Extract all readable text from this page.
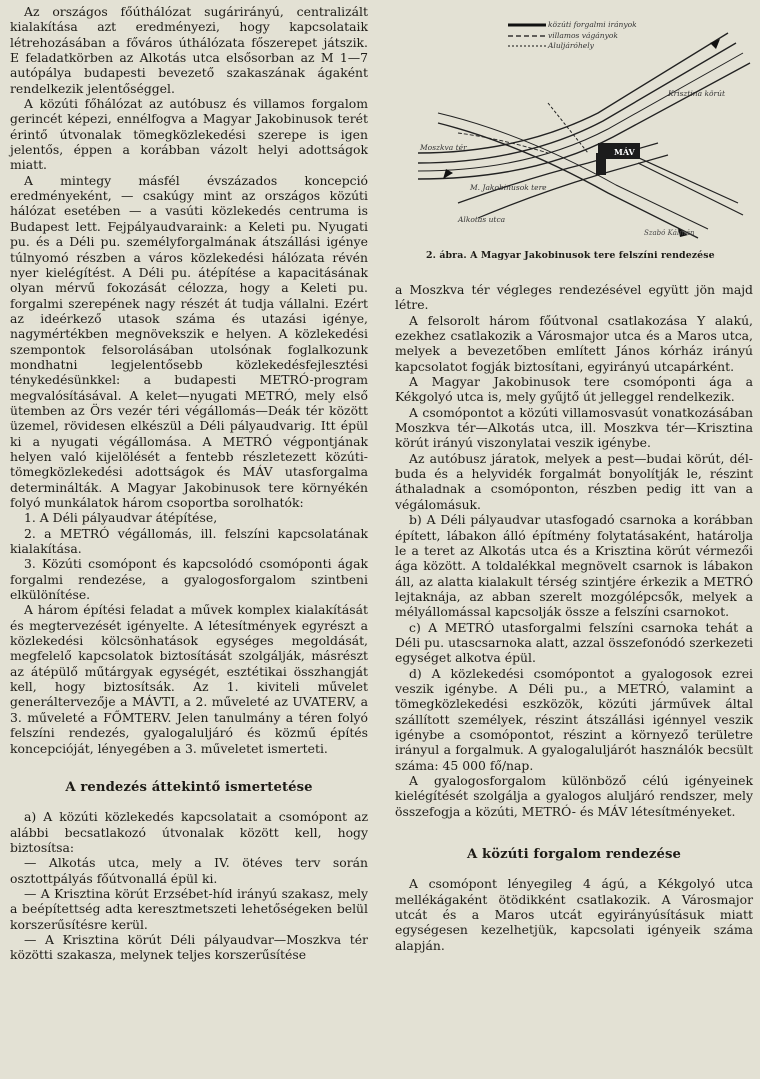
Az országos főúthálózat sugárirányú, centralizált kialakítása azt eredményezi, hogy kapcsolataik létrehozásában a főváros úthálózata főszerepet játszik. E feladatkörben az Alkotás utca elsősorban az M 1—7 autópálya budapesti bevezető szakaszának ágaként rendelkezik jelentőséggel.

A közúti főhálózat az autóbusz és villamos forgalom gerincét képezi, ennélfogva a Magyar Jakobinusok terét érintő útvonalak tömegközlekedési szerepe is igen jelentős, éppen a korábban vázolt helyi adottságok miatt.

A mintegy másfél évszázados koncepció eredményeként, — csakúgy mint az országos közúti hálózat esetében — a vasúti közlekedés centruma is Budapest lett. Fejpályaudvaraink: a Keleti pu. Nyugati pu. és a Déli pu. személyforgalmának átszállási igénye túlnyomó részben a város közlekedési hálózata révén nyer kielégítést. A Déli pu. átépítése a kapacitásának olyan mérvű fokozását célozza, hogy a Keleti pu. forgalmi szerepének nagy részét át tudja vállalni. Ezért az ideérkező utasok száma és utazási igénye, nagymértékben megnövekszik e helyen. A közlekedési szempontok felsorolásában utolsónak foglalkozunk mondhatni legjelentősebb közlekedésfejlesztési ténykedésünkkel: a budapesti METRÓ-program megvalósításával. A kelet—nyugati METRÓ, mely első ütemben az Örs vezér téri végállomás—Deák tér között üzemel, rövidesen elkészül a Déli pályaudvarig. Itt épül ki a nyugati végállomása. A METRÓ végpontjának helyen való kijelölését a fentebb részletezett közúti-tömegközlekedési adottságok és MÁV utasforgalma determinálták. A Magyar Jakobinusok tere környékén folyó munkálatok három csoportba sorolhatók:

1. A Déli pályaudvar átépítése,

2. a METRÓ végállomás, ill. felszíni kapcsolatának kialakítása.

3. Közúti csomópont és kapcsolódó csomóponti ágak forgalmi rendezése, a gyalogosforgalom szintbeni elkülönítése.

A három építési feladat a művek komplex kialakítását és megtervezését igényelte. A létesítmények egyrészt a közlekedési kölcsönhatások egységes megoldását, megfelelő kapcsolatok biztosítását szolgálják, másrészt az átépülő műtárgyak egységét, esztétikai összhangját kell, hogy biztosítsák. Az 1. kiviteli művelet generáltervezője a MÁVTI, a 2. műveleté az UVATERV, a 3. műveleté a FŐMTERV. Jelen tanulmány a téren folyó felszíni rendezés, gyalogaluljáró és közmű építés koncepcióját, lényegében a 3. műveletet ismerteti.

A rendezés áttekintő ismertetése

a) A közúti közlekedés kapcsolatait a csomópont az alábbi becsatlakozó útvonalak között kell, hogy biztosítsa:

— Alkotás utca, mely a IV. ötéves terv során osztottpályás főútvonallá épül ki.

— A Krisztina körút Erzsébet-híd irányú szakasz, mely a beépítettség adta keresztmetszeti lehetőségeken belül korszerűsítésre kerül.

— A Krisztina körút Déli pályaudvar—Moszkva tér közötti szakasza, melynek teljes korszerűsítése

közúti forgalmi irányok
villamos vágányok
Aluljáróhely
Moszkva tér
M. Jakobinusok tere
Alkotás utca
Krisztina körút
MÁV
Szabó Kálmán
2. ábra. A Magyar Jakobinusok tere felszíni rendezése

a Moszkva tér végleges rendezésével együtt jön majd létre.

A felsorolt három főútvonal csatlakozása Y alakú, ezekhez csatlakozik a Városmajor utca és a Maros utca, melyek a bevezetőben említett János kórház irányú kapcsolatot fogják biztosítani, egyirányú utcapárként.

A Magyar Jakobinusok tere csomóponti ága a Kékgolyó utca is, mely gyűjtő út jelleggel rendelkezik.

A csomópontot a közúti villamosvasút vonatkozásában Moszkva tér—Alkotás utca, ill. Moszkva tér—Krisztina körút irányú viszonylatai veszik igénybe.

Az autóbusz járatok, melyek a pest—budai körút, dél-buda és a helyvidék forgalmát bonyolítják le, részint áthaladnak a csomóponton, részben pedig itt van a végálomásuk.

b) A Déli pályaudvar utasfogadó csarnoka a korábban épített, lábakon álló építmény folytatásaként, határolja le a teret az Alkotás utca és a Krisztina körút vérmezői ága között. A toldalékkal megnövelt csarnok is lábakon áll, az alatta kialakult térség szintjére érkezik a METRÓ lejtaknája, az abban szerelt mozgólépcsők, melyek a mélyállomással kapcsolják össze a felszíni csarnokot.

c) A METRÓ utasforgalmi felszíni csarnoka tehát a Déli pu. utascsarnoka alatt, azzal összefonódó szerkezeti egységet alkotva épül.

d) A közlekedési csomópontot a gyalogosok ezrei veszik igénybe. A Déli pu., a METRÓ, valamint a tömegközlekedési eszközök, közúti járművek által szállított személyek, részint átszállási igénnyel veszik igénybe a csomópontot, részint a környező területre irányul a forgalmuk. A gyalogaluljárót használók becsült száma: 45 000 fő/nap.

A gyalogosforgalom különböző célú igényeinek kielégítését szolgálja a gyalogos aluljáró rendszer, mely összefogja a közúti, METRÓ- és MÁV létesítményeket.

A közúti forgalom rendezése

A csomópont lényegileg 4 ágú, a Kékgolyó utca mellékágaként ötödikként csatlakozik. A Városmajor utcát és a Maros utcát egyirányúsításuk miatt egységesen kezelhetjük, kapcsolati igényeik száma alapján.
